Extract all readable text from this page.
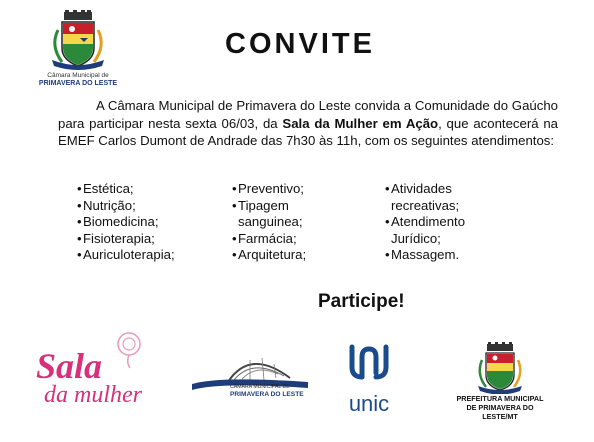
Câmara Municipal de
PRIMAVERA DO LESTE
CONVITE
A Câmara Municipal de Primavera do Leste convida a Comunidade do Gaúcho para participar nesta sexta 06/03, da Sala da Mulher em Ação, que acontecerá na EMEF Carlos Dumont de Andrade das 7h30 às 11h, com os seguintes atendimentos:
•Estética;
•Nutrição;
•Biomedicina;
•Fisioterapia;
•Auriculoterapia;
•Preventivo;
•Tipagem
sanguinea;
•Farmácia;
•Arquitetura;
•Atividades
recreativas;
•Atendimento
Jurídico;
•Massagem.
Participe!
Sala
da mulher	CÂMARA MUNICIPAL DE
PRIMAVERA DO LESTE unic	PREFEITURA MUNICIPAL
DE PRIMAVERA DO LESTE/MT
